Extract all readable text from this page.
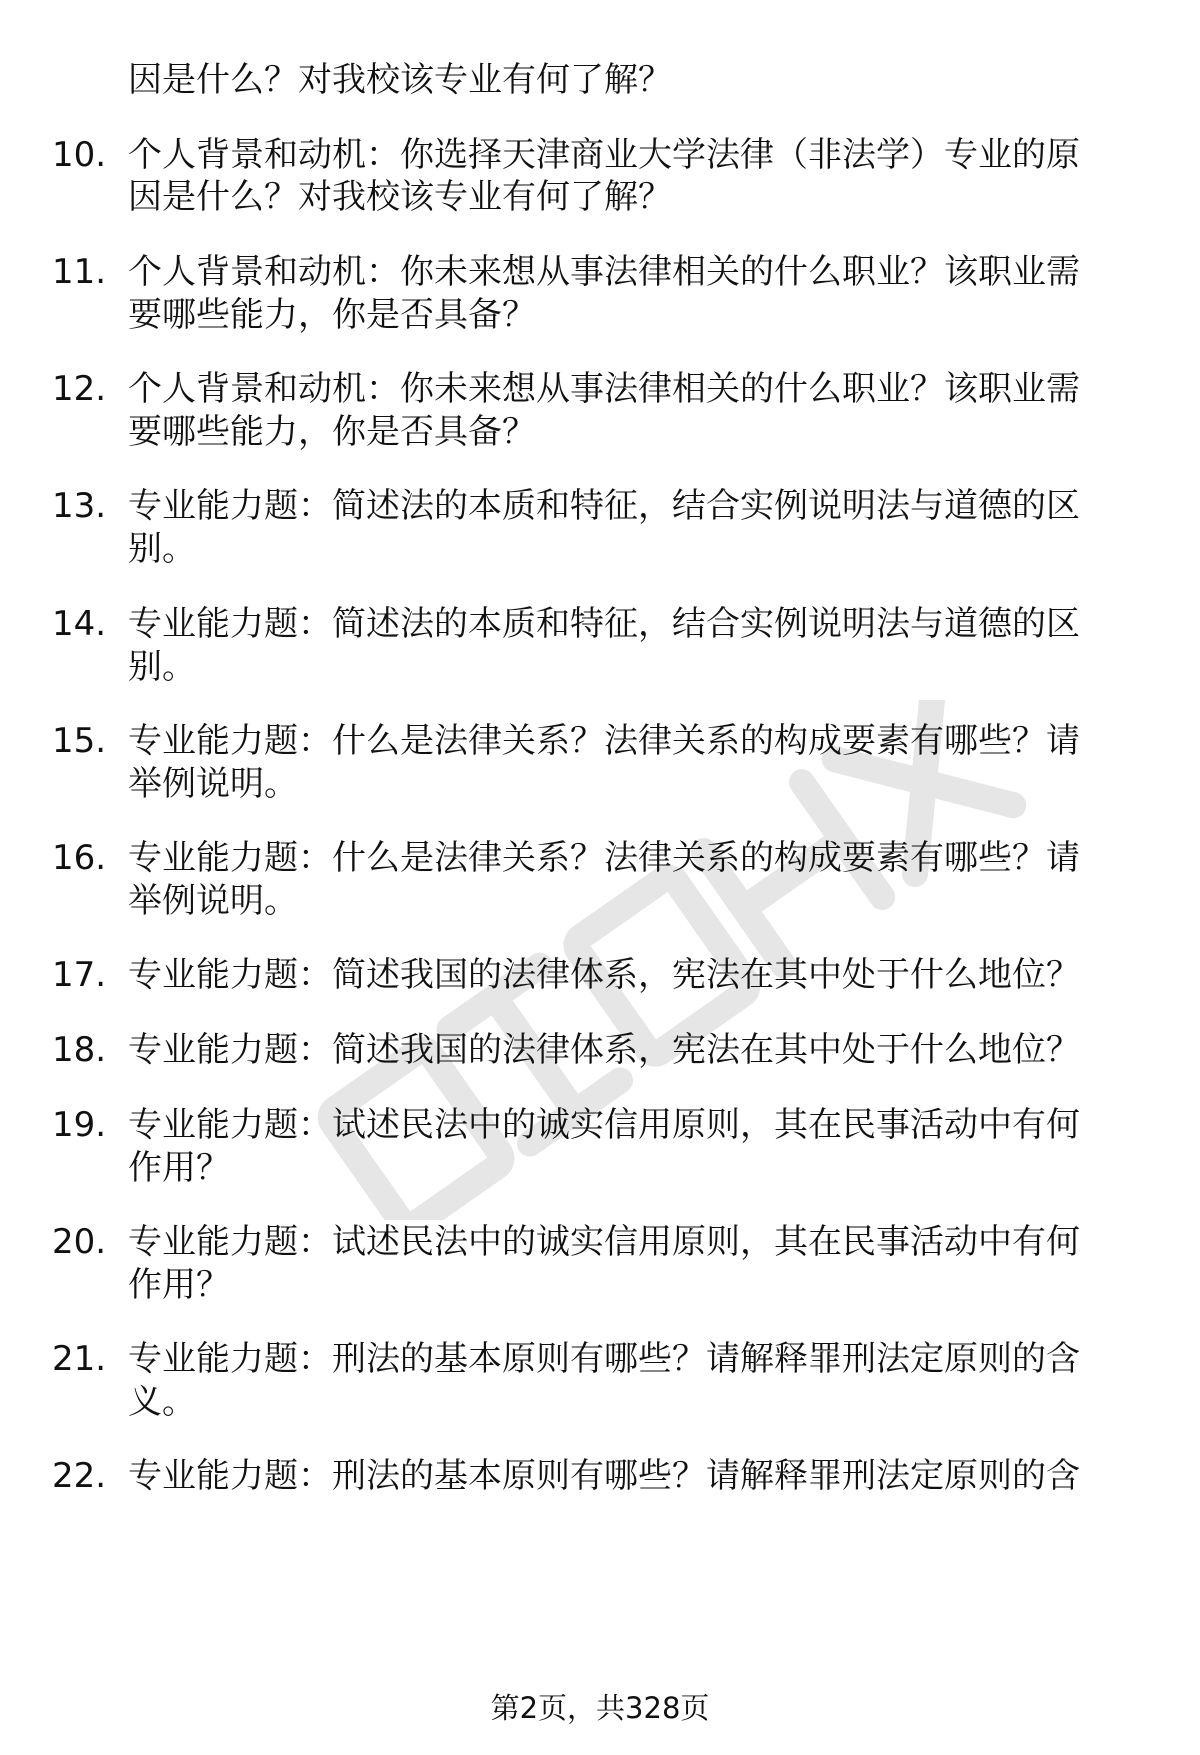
因是什么？对我校该专业有何了解？
10. 个人背景和动机：你选择天津商业大学法律（非法学）专业的原
因是什么？对我校该专业有何了解？
11. 个人背景和动机：你未来想从事法律相关的什么职业？该职业需
要哪些能力，你是否具备？
12. 个人背景和动机：你未来想从事法律相关的什么职业？该职业需
要哪些能力，你是否具备？
13. 专业能力题：简述法的本质和特征，结合实例说明法与道德的区
别。
14. 专业能力题：简述法的本质和特征，结合实例说明法与道德的区
别。
15. 专业能力题：什么是法律关系？法律关系的构成要素有哪些？请
举例说明。
16. 专业能力题：什么是法律关系？法律关系的构成要素有哪些？请
举例说明。
17. 专业能力题：简述我国的法律体系，宪法在其中处于什么地位？
18. 专业能力题：简述我国的法律体系，宪法在其中处于什么地位？
19. 专业能力题：试述民法中的诚实信用原则，其在民事活动中有何
作用？
20. 专业能力题：试述民法中的诚实信用原则，其在民事活动中有何
作用？
21. 专业能力题：刑法的基本原则有哪些？请解释罪刑法定原则的含
义。
22. 专业能力题：刑法的基本原则有哪些？请解释罪刑法定原则的含
第2页，共328页
